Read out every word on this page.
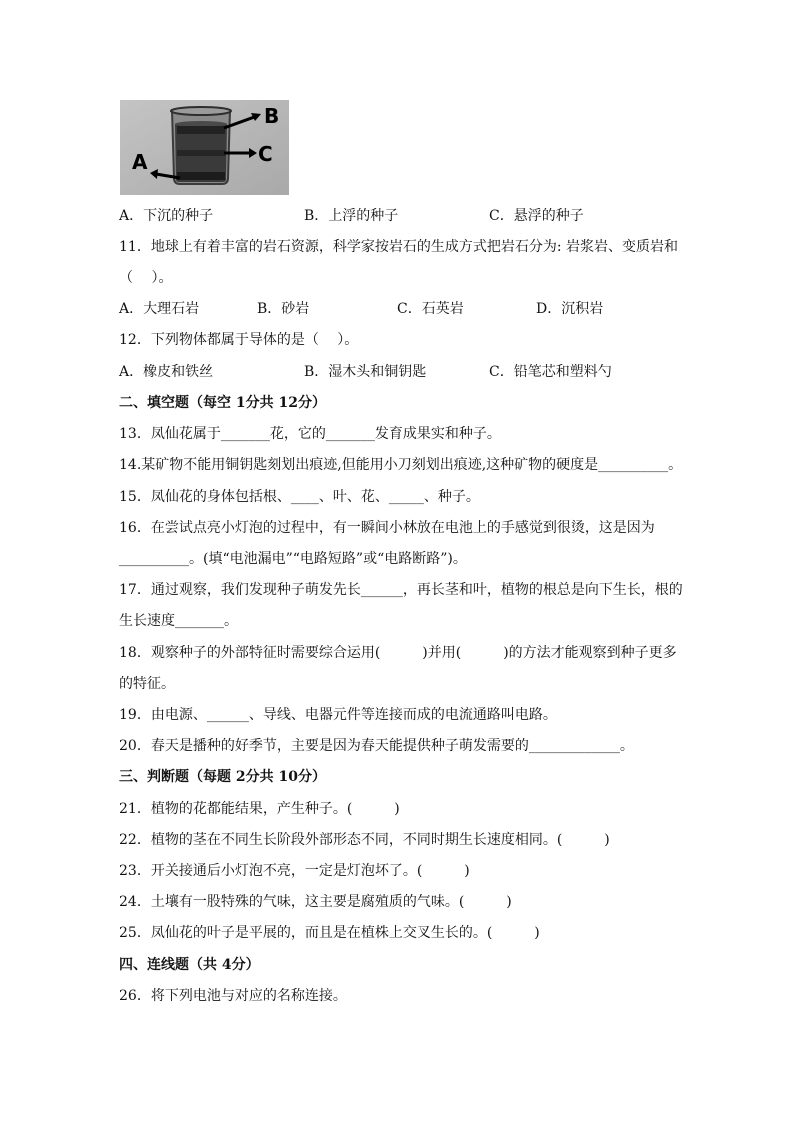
B
C
A
A．下沉的种子	B．上浮的种子	C．悬浮的种子
11．地球上有着丰富的岩石资源，科学家按岩石的生成方式把岩石分为: 岩浆岩、变质岩和
（　 ）。
A．大理石岩	B．砂岩	C．石英岩	D．沉积岩
12．下列物体都属于导体的是（　 ）。
A．橡皮和铁丝	B．湿木头和铜钥匙	C．铅笔芯和塑料勺
二、填空题（每空 1分共 12分）
13．凤仙花属于_______花，它的_______发育成果实和种子。
14.某矿物不能用铜钥匙刻划出痕迹,但能用小刀刻划出痕迹,这种矿物的硬度是__________。
15．凤仙花的身体包括根、____、叶、花、_____、种子。
16．在尝试点亮小灯泡的过程中，有一瞬间小林放在电池上的手感觉到很烫，这是因为
__________。(填“电池漏电”“电路短路”或“电路断路”)。
17．通过观察，我们发现种子萌发先长______，再长茎和叶，植物的根总是向下生长，根的
生长速度_______。
18．观察种子的外部特征时需要综合运用(　　　)并用(　　　)的方法才能观察到种子更多
的特征。
19．由电源、______、导线、电器元件等连接而成的电流通路叫电路。
20．春天是播种的好季节，主要是因为春天能提供种子萌发需要的_____________。
三、判断题（每题 2分共 10分）
21．植物的花都能结果，产生种子。(　　　)
22．植物的茎在不同生长阶段外部形态不同，不同时期生长速度相同。(　　　)
23．开关接通后小灯泡不亮，一定是灯泡坏了。(　　　)
24．土壤有一股特殊的气味，这主要是腐殖质的气味。(　　　)
25．凤仙花的叶子是平展的，而且是在植株上交叉生长的。(　　　)
四、连线题（共 4分）
26．将下列电池与对应的名称连接。
